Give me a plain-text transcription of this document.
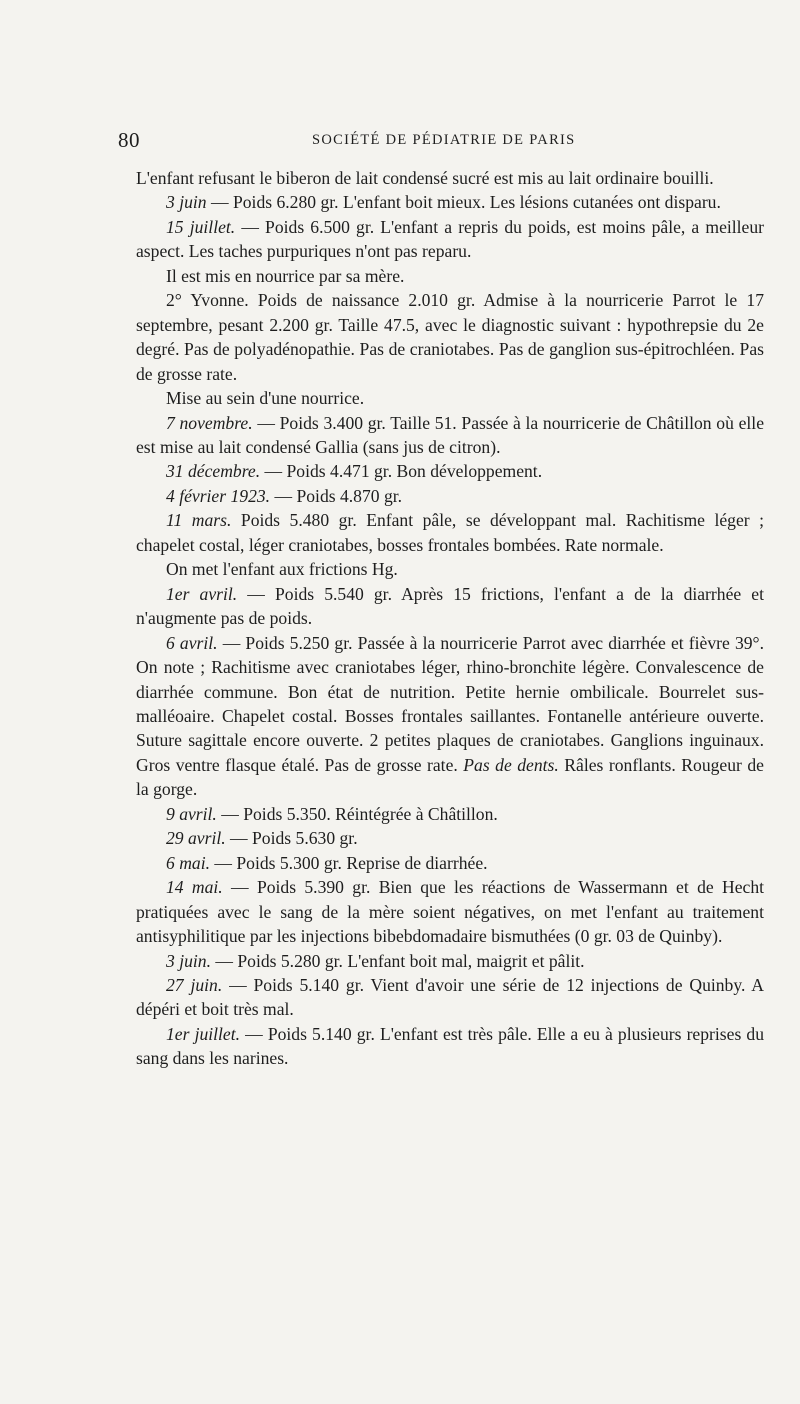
80	SOCIÉTÉ DE PÉDIATRIE DE PARIS

L'enfant refusant le biberon de lait condensé sucré est mis au lait ordinaire bouilli.

3 juin — Poids 6.280 gr. L'enfant boit mieux. Les lésions cutanées ont disparu.

15 juillet. — Poids 6.500 gr. L'enfant a repris du poids, est moins pâle, a meilleur aspect. Les taches purpuriques n'ont pas reparu.

Il est mis en nourrice par sa mère.

2° Yvonne. Poids de naissance 2.010 gr. Admise à la nourricerie Parrot le 17 septembre, pesant 2.200 gr. Taille 47.5, avec le diagnostic suivant : hypothrepsie du 2e degré. Pas de polyadénopathie. Pas de craniotabes. Pas de ganglion sus-épitrochléen. Pas de grosse rate.

Mise au sein d'une nourrice.

7 novembre. — Poids 3.400 gr. Taille 51. Passée à la nourricerie de Châtillon où elle est mise au lait condensé Gallia (sans jus de citron).

31 décembre. — Poids 4.471 gr. Bon développement.

4 février 1923. — Poids 4.870 gr.

11 mars. Poids 5.480 gr. Enfant pâle, se développant mal. Rachitisme léger ; chapelet costal, léger craniotabes, bosses frontales bombées. Rate normale.

On met l'enfant aux frictions Hg.

1er avril. — Poids 5.540 gr. Après 15 frictions, l'enfant a de la diarrhée et n'augmente pas de poids.

6 avril. — Poids 5.250 gr. Passée à la nourricerie Parrot avec diarrhée et fièvre 39°. On note ; Rachitisme avec craniotabes léger, rhino-bronchite légère. Convalescence de diarrhée commune. Bon état de nutrition. Petite hernie ombilicale. Bourrelet sus-malléoaire. Chapelet costal. Bosses frontales saillantes. Fontanelle antérieure ouverte. Suture sagittale encore ouverte. 2 petites plaques de craniotabes. Ganglions inguinaux. Gros ventre flasque étalé. Pas de grosse rate. Pas de dents. Râles ronflants. Rougeur de la gorge.

9 avril. — Poids 5.350. Réintégrée à Châtillon.

29 avril. — Poids 5.630 gr.

6 mai. — Poids 5.300 gr. Reprise de diarrhée.

14 mai. — Poids 5.390 gr. Bien que les réactions de Wassermann et de Hecht pratiquées avec le sang de la mère soient négatives, on met l'enfant au traitement antisyphilitique par les injections bibebdomadaire bismuthées (0 gr. 03 de Quinby).

3 juin. — Poids 5.280 gr. L'enfant boit mal, maigrit et pâlit.

27 juin. — Poids 5.140 gr. Vient d'avoir une série de 12 injections de Quinby. A dépéri et boit très mal.

1er juillet. — Poids 5.140 gr. L'enfant est très pâle. Elle a eu à plusieurs reprises du sang dans les narines.
